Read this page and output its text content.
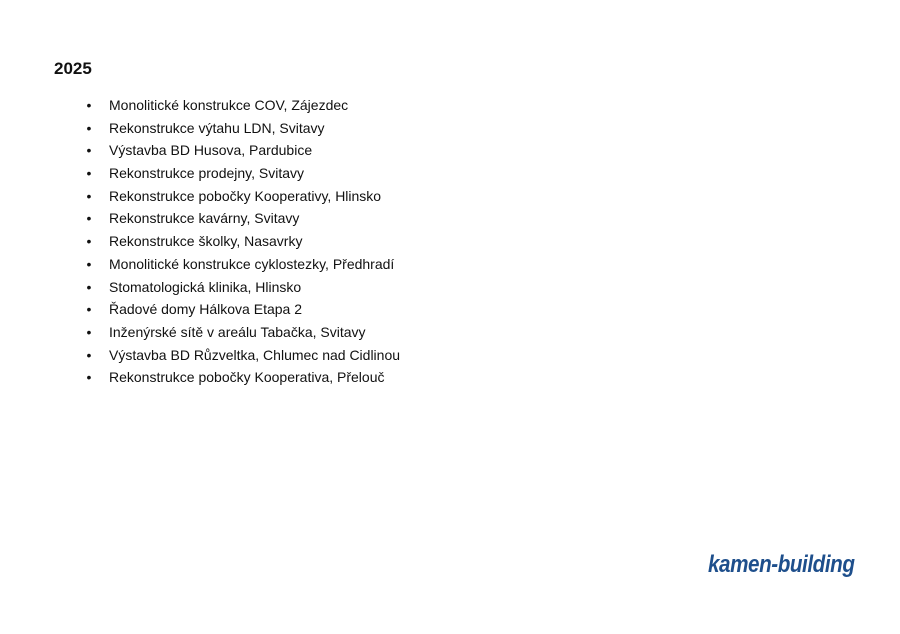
2025
• Monolitické konstrukce COV, Zájezdec
• Rekonstrukce výtahu LDN, Svitavy
• Výstavba BD Husova, Pardubice
• Rekonstrukce prodejny, Svitavy
• Rekonstrukce pobočky Kooperativy, Hlinsko
• Rekonstrukce kavárny, Svitavy
• Rekonstrukce školky, Nasavrky
• Monolitické konstrukce cyklostezky, Předhradí
• Stomatologická klinika, Hlinsko
• Řadové domy Hálkova Etapa 2
• Inženýrské sítě v areálu Tabačka, Svitavy
• Výstavba BD Růzveltka, Chlumec nad Cidlinou
• Rekonstrukce pobočky Kooperativa, Přelouč
kamen-building
